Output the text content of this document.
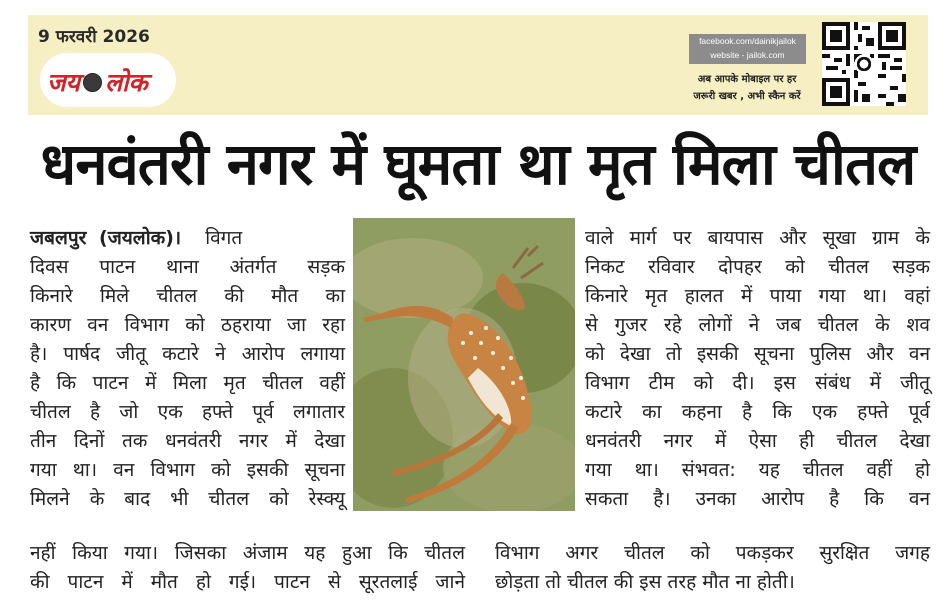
9 फरवरी 2026
जय लोक
facebook.com/dainikjailok
website - jailok.com
अब आपके मोबाइल पर हर
जरूरी खबर , अभी स्कैन करें
धनवंतरी नगर में घूमता था मृत मिला चीतल

जबलपुर (जयलोक)। विगत

दिवस पाटन थाना अंतर्गत सड़क
किनारे मिले चीतल की मौत का
कारण वन विभाग को ठहराया जा रहा
है। पार्षद जीतू कटारे ने आरोप लगाया
है कि पाटन में मिला मृत चीतल वहीं
चीतल है जो एक हफ्ते पूर्व लगातार
तीन दिनों तक धनवंतरी नगर में देखा
गया था। वन विभाग को इसकी सूचना
मिलने के बाद भी चीतल को रेस्क्यू
वाले मार्ग पर बायपास और सूखा ग्राम के
निकट रविवार दोपहर को चीतल सड़क
किनारे मृत हालत में पाया गया था। वहां
से गुजर रहे लोगों ने जब चीतल के शव
को देखा तो इसकी सूचना पुलिस और वन
विभाग टीम को दी। इस संबंध में जीतू
कटारे का कहना है कि एक हफ्ते पूर्व
धनवंतरी नगर में ऐसा ही चीतल देखा
गया था। संभवत: यह चीतल वहीं हो
सकता है। उनका आरोप है कि वन
नहीं किया गया। जिसका अंजाम यह हुआ कि चीतल विभाग अगर चीतल को पकड़कर सुरक्षित जगह
की पाटन में मौत हो गई। पाटन से सूरतलाई जाने छोड़ता तो चीतल की इस तरह मौत ना होती।
